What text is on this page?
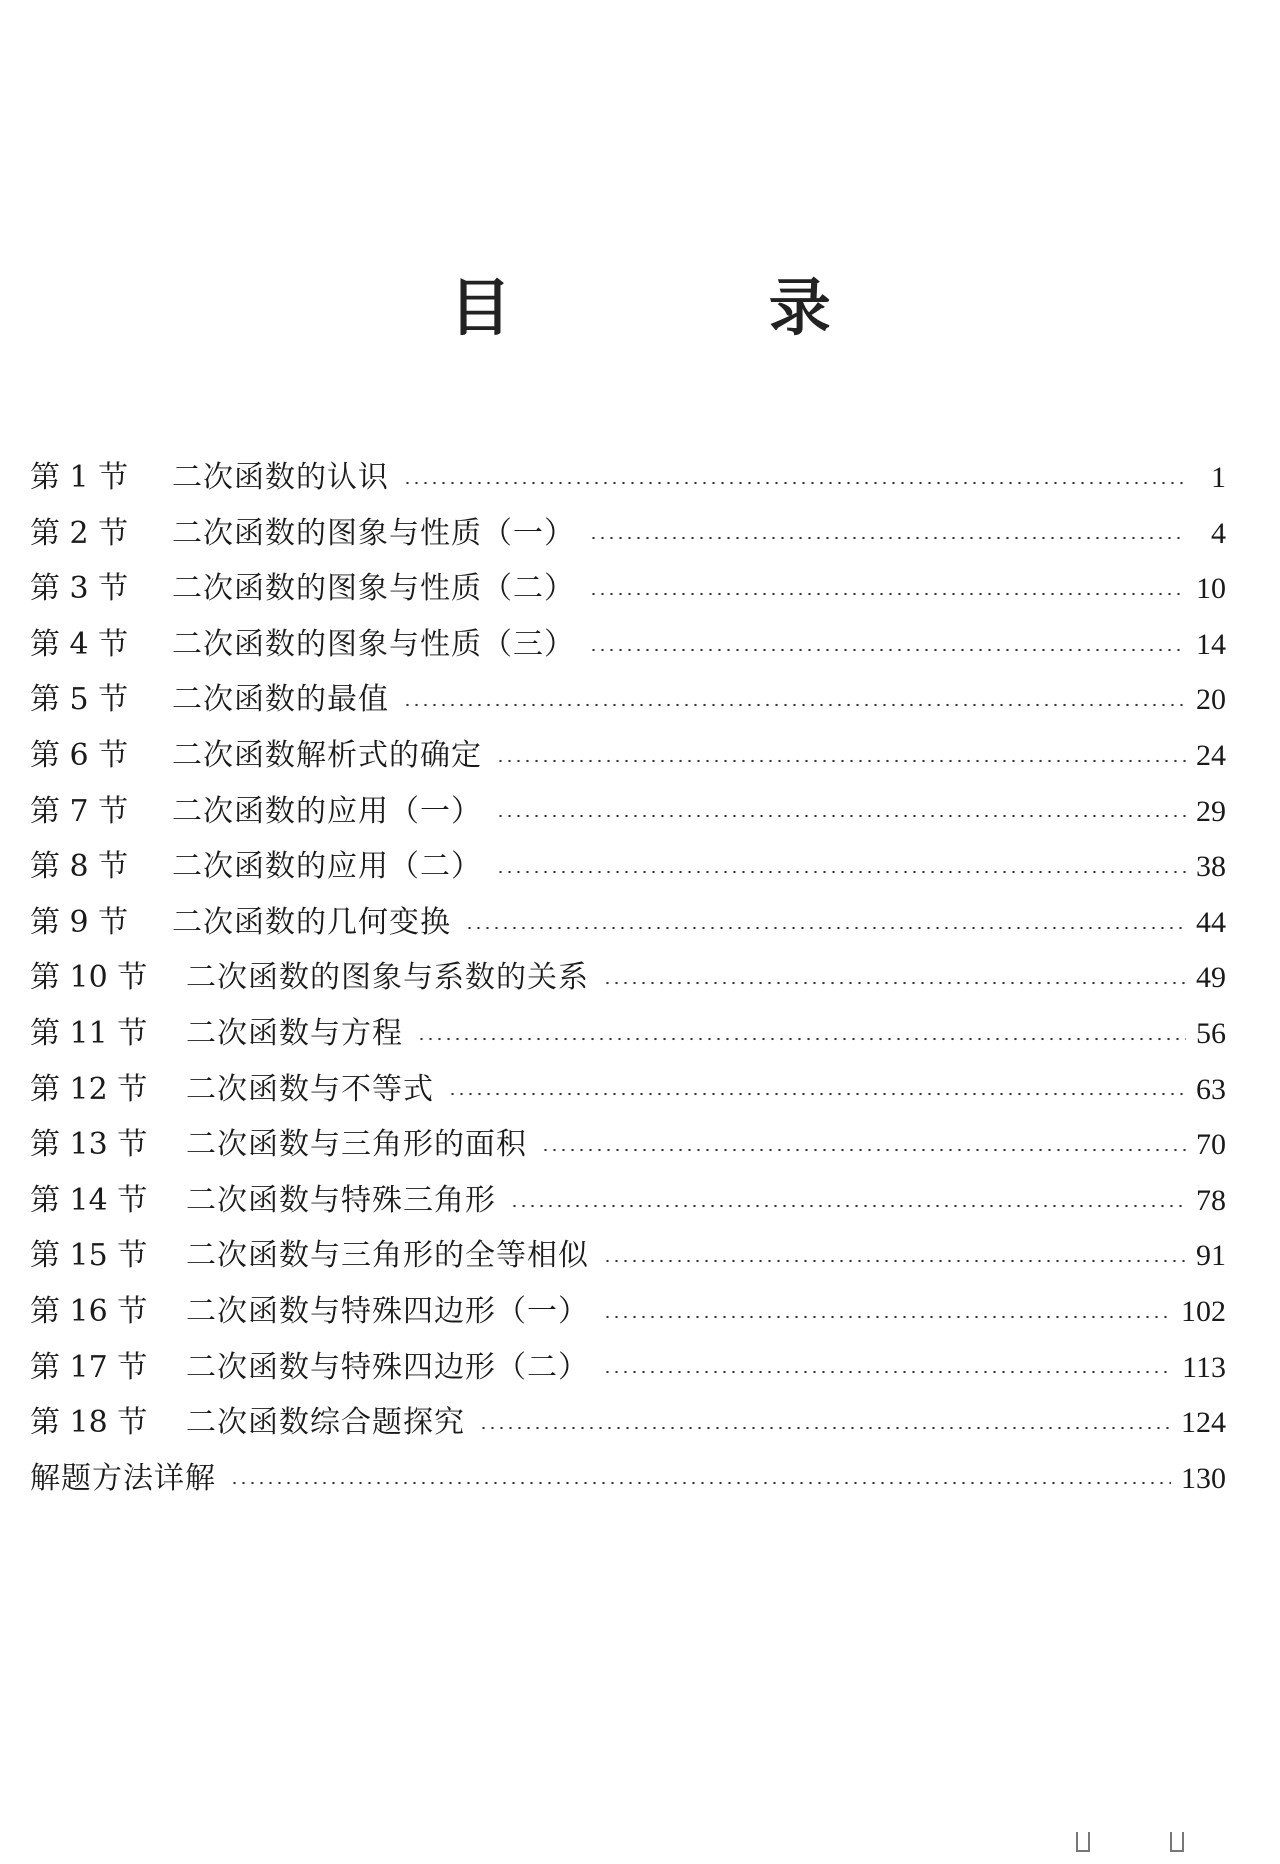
目 录
第 1 节	二次函数的认识	1
第 2 节	二次函数的图象与性质（一）	4
第 3 节	二次函数的图象与性质（二）	10
第 4 节	二次函数的图象与性质（三）	14
第 5 节	二次函数的最值	20
第 6 节	二次函数解析式的确定	24
第 7 节	二次函数的应用（一）	29
第 8 节	二次函数的应用（二）	38
第 9 节	二次函数的几何变换	44
第 10 节	二次函数的图象与系数的关系	49
第 11 节	二次函数与方程	56
第 12 节	二次函数与不等式	63
第 13 节	二次函数与三角形的面积	70
第 14 节	二次函数与特殊三角形	78
第 15 节	二次函数与三角形的全等相似	91
第 16 节	二次函数与特殊四边形（一）	102
第 17 节	二次函数与特殊四边形（二）	113
第 18 节	二次函数综合题探究	124
解题方法详解	130
